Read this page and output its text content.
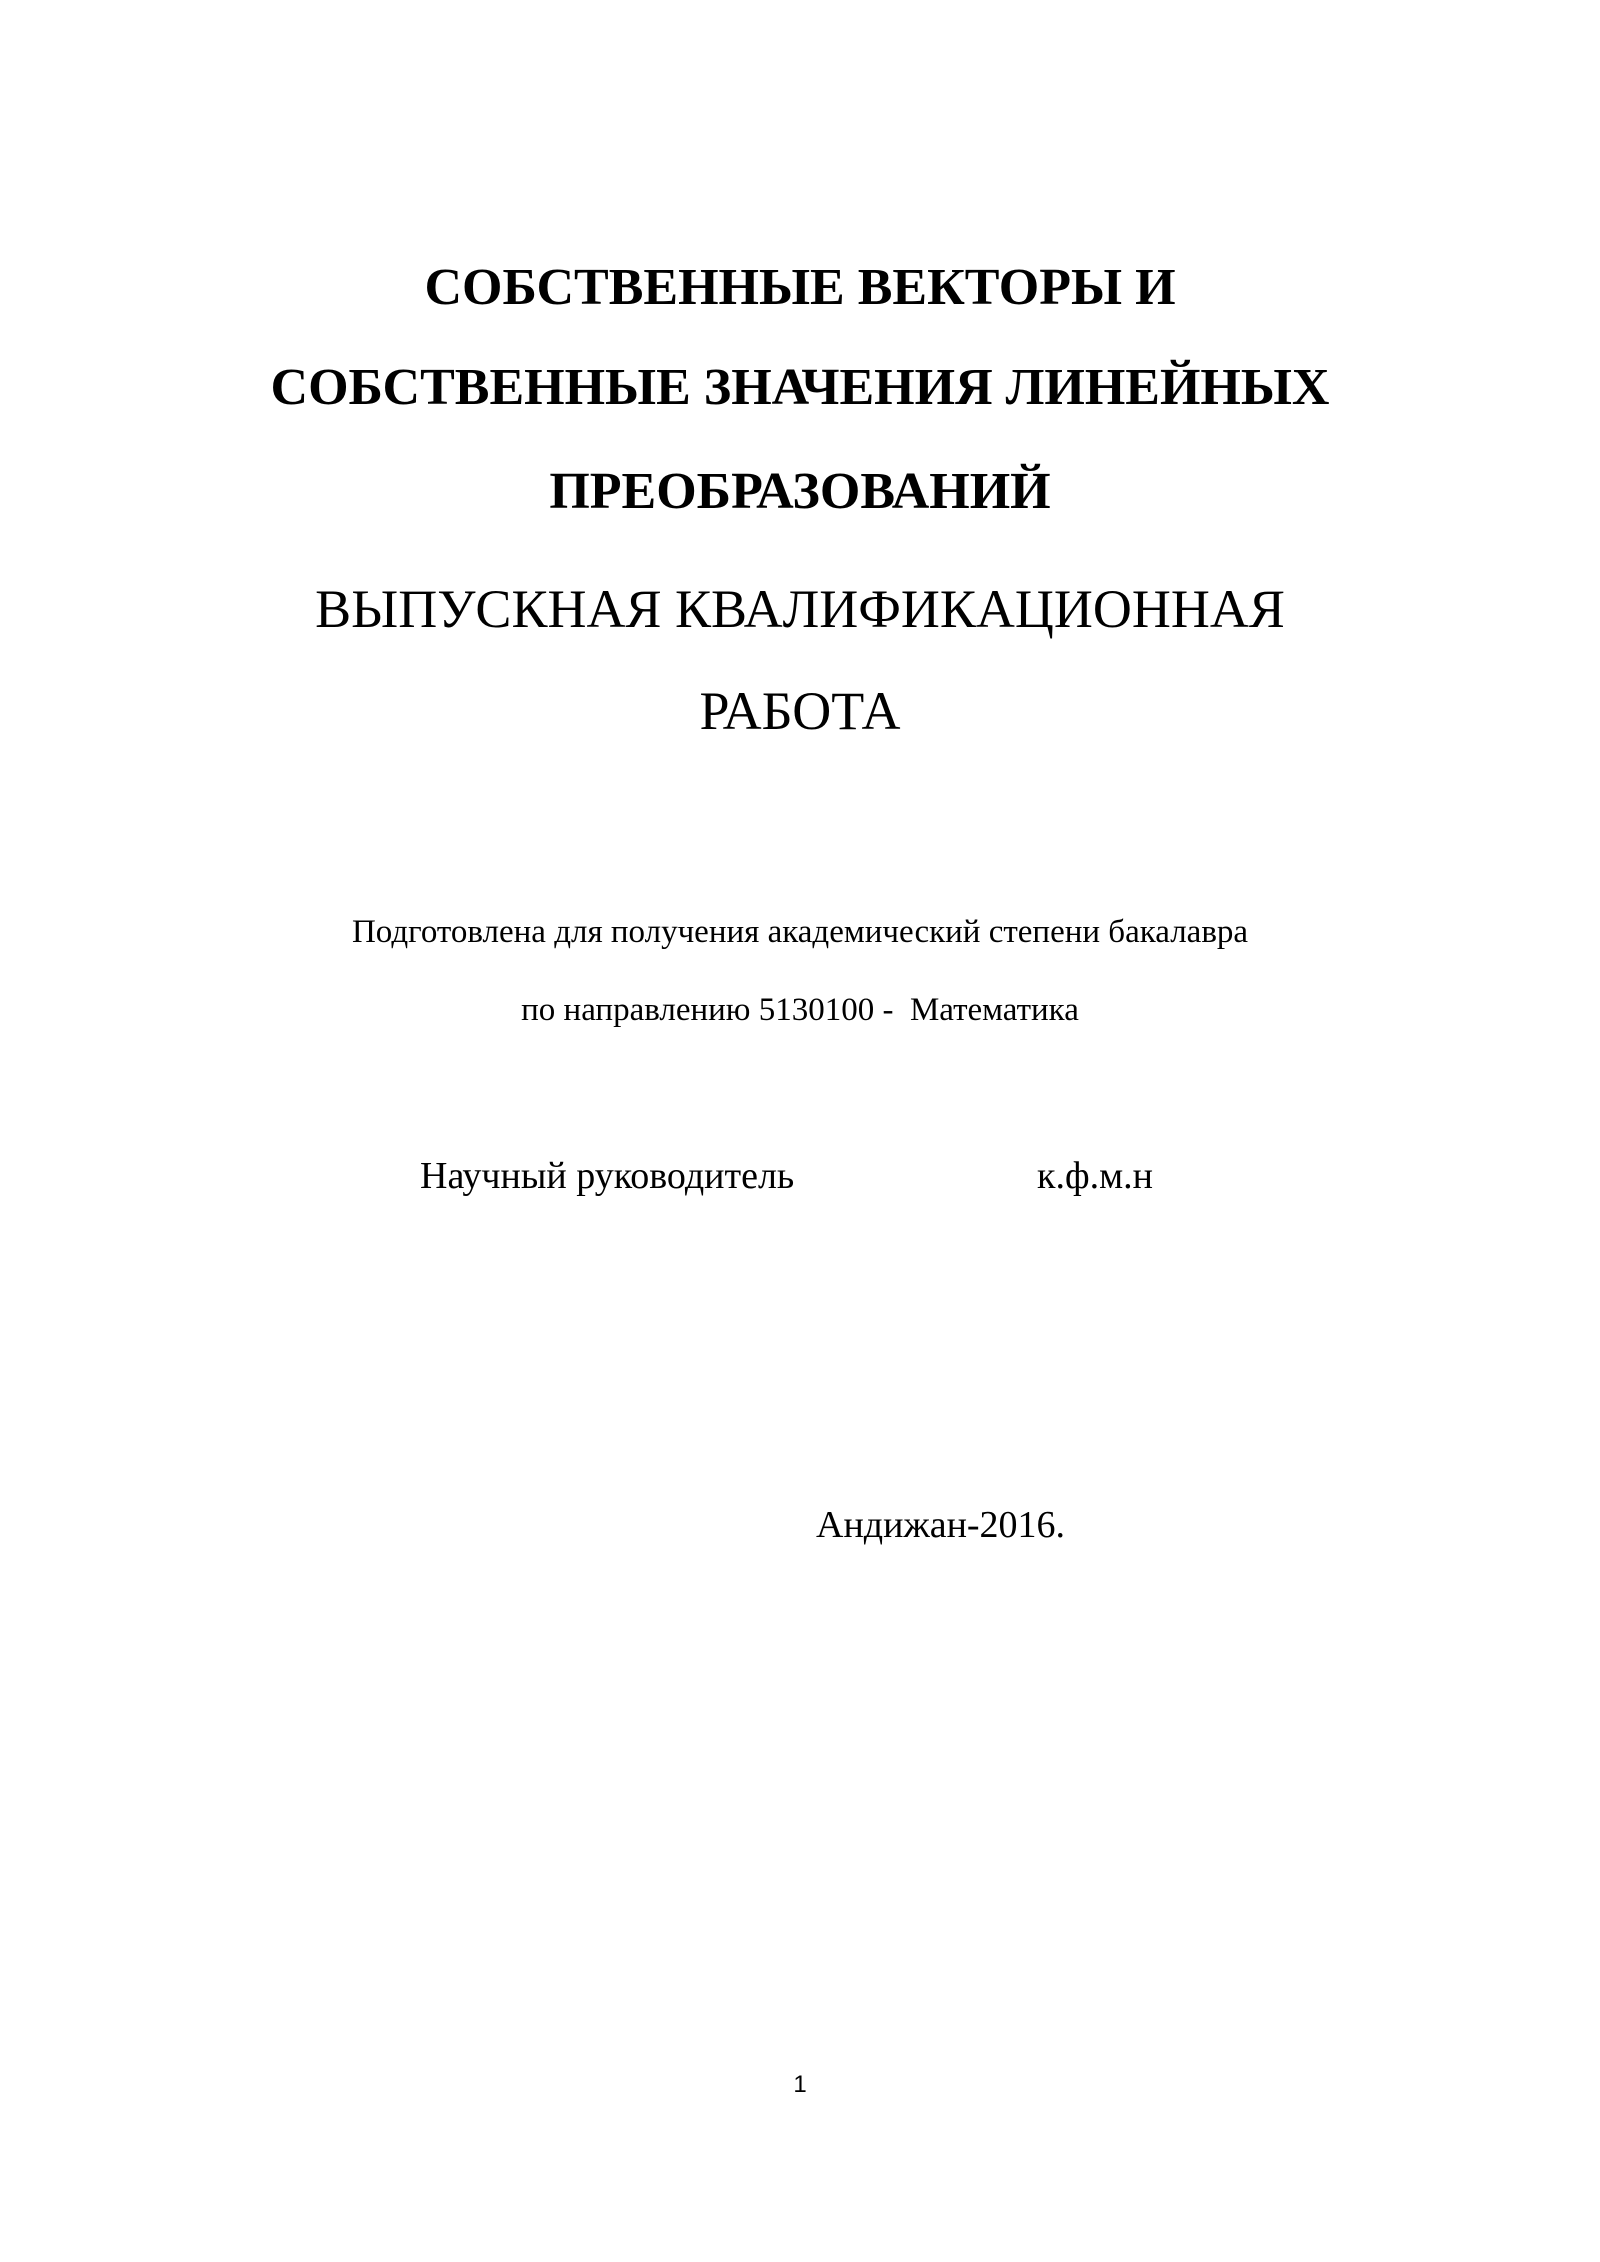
СОБСТВЕННЫЕ ВЕКТОРЫ И
СОБСТВЕННЫЕ ЗНАЧЕНИЯ ЛИНЕЙНЫХ
ПРЕОБРАЗОВАНИЙ
ВЫПУСКНАЯ КВАЛИФИКАЦИОННАЯ
РАБОТА
Подготовлена для получения академический степени бакалавра
по направлению 5130100 -  Математика
Научный руководитель	к.ф.м.н
Андижан-2016.
1
